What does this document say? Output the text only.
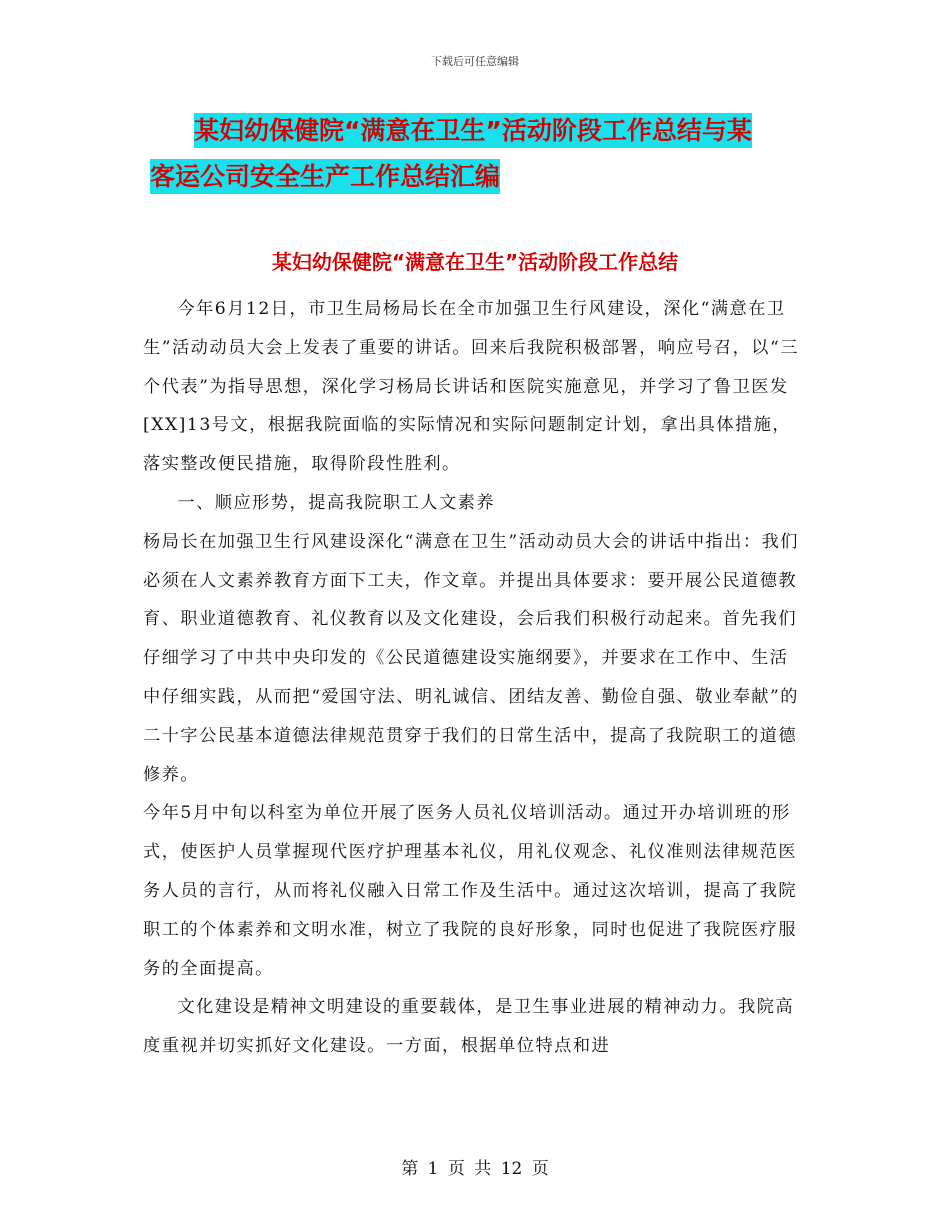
下载后可任意编辑
某妇幼保健院“满意在卫生”活动阶段工作总结与某
客运公司安全生产工作总结汇编
某妇幼保健院“满意在卫生”活动阶段工作总结

今年6月12日，市卫生局杨局长在全市加强卫生行风建设，深化“满意在卫生”活动动员大会上发表了重要的讲话。回来后我院积极部署，响应号召，以“三个代表”为指导思想，深化学习杨局长讲话和医院实施意见，并学习了鲁卫医发[XX]13号文，根据我院面临的实际情况和实际问题制定计划，拿出具体措施，落实整改便民措施，取得阶段性胜利。

一、顺应形势，提高我院职工人文素养

杨局长在加强卫生行风建设深化“满意在卫生”活动动员大会的讲话中指出：我们必须在人文素养教育方面下工夫，作文章。并提出具体要求：要开展公民道德教育、职业道德教育、礼仪教育以及文化建设，会后我们积极行动起来。首先我们仔细学习了中共中央印发的《公民道德建设实施纲要》，并要求在工作中、生活中仔细实践，从而把“爱国守法、明礼诚信、团结友善、勤俭自强、敬业奉献”的二十字公民基本道德法律规范贯穿于我们的日常生活中，提高了我院职工的道德修养。

今年5月中旬以科室为单位开展了医务人员礼仪培训活动。通过开办培训班的形式，使医护人员掌握现代医疗护理基本礼仪，用礼仪观念、礼仪准则法律规范医务人员的言行，从而将礼仪融入日常工作及生活中。通过这次培训，提高了我院职工的个体素养和文明水准，树立了我院的良好形象，同时也促进了我院医疗服务的全面提高。

文化建设是精神文明建设的重要载体，是卫生事业进展的精神动力。我院高度重视并切实抓好文化建设。一方面，根据单位特点和进

第 1 页 共 12 页
